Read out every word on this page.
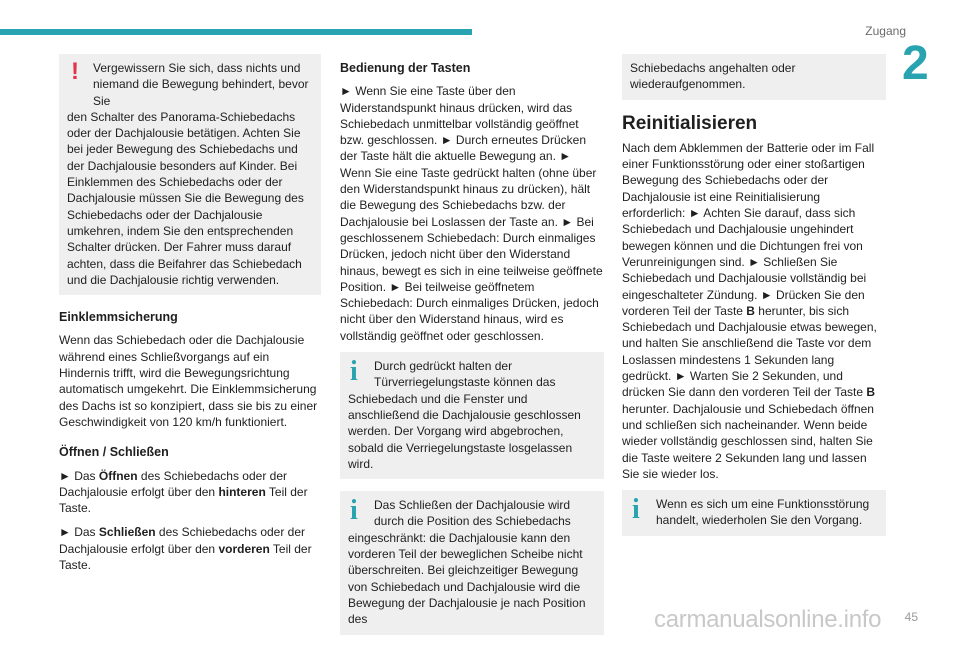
Zugang
2
!	Vergewissern Sie sich, dass nichts und niemand die Bewegung behindert, bevor Sie

den Schalter des Panorama-Schiebedachs oder der Dachjalousie betätigen. Achten Sie bei jeder Bewegung des Schiebedachs und der Dachjalousie besonders auf Kinder. Bei Einklemmen des Schiebedachs oder der Dachjalousie müssen Sie die Bewegung des Schiebedachs oder der Dachjalousie umkehren, indem Sie den entsprechenden Schalter drücken. Der Fahrer muss darauf achten, dass die Beifahrer das Schiebedach und die Dachjalousie richtig verwenden.

Einklemmsicherung

Wenn das Schiebedach oder die Dachjalousie während eines Schließvorgangs auf ein Hindernis trifft, wird die Bewegungsrichtung automatisch umgekehrt. Die Einklemmsicherung des Dachs ist so konzipiert, dass sie bis zu einer Geschwindigkeit von 120 km/h funktioniert.

Öffnen / Schließen

► Das Öffnen des Schiebedachs oder der Dachjalousie erfolgt über den hinteren Teil der Taste.

► Das Schließen des Schiebedachs oder der Dachjalousie erfolgt über den vorderen Teil der Taste.

Bedienung der Tasten

► Wenn Sie eine Taste über den Widerstandspunkt hinaus drücken, wird das Schiebedach unmittelbar vollständig geöffnet bzw. geschlossen. ► Durch erneutes Drücken der Taste hält die aktuelle Bewegung an. ► Wenn Sie eine Taste gedrückt halten (ohne über den Widerstandspunkt hinaus zu drücken), hält die Bewegung des Schiebedachs bzw. der Dachjalousie bei Loslassen der Taste an. ► Bei geschlossenem Schiebedach: Durch einmaliges Drücken, jedoch nicht über den Widerstand hinaus, bewegt es sich in eine teilweise geöffnete Position. ► Bei teilweise geöffnetem Schiebedach: Durch einmaliges Drücken, jedoch nicht über den Widerstand hinaus, wird es vollständig geöffnet oder geschlossen.

i	Durch gedrückt halten der Türverriegelungstaste können das

Schiebedach und die Fenster und anschließend die Dachjalousie geschlossen werden. Der Vorgang wird abgebrochen, sobald die Verriegelungstaste losgelassen wird.

i	Das Schließen der Dachjalousie wird durch die Position des Schiebedachs

eingeschränkt: die Dachjalousie kann den vorderen Teil der beweglichen Scheibe nicht überschreiten. Bei gleichzeitiger Bewegung von Schiebedach und Dachjalousie wird die Bewegung der Dachjalousie je nach Position des

Schiebedachs angehalten oder wiederaufgenommen.

Reinitialisieren

Nach dem Abklemmen der Batterie oder im Fall einer Funktionsstörung oder einer stoßartigen Bewegung des Schiebedachs oder der Dachjalousie ist eine Reinitialisierung erforderlich: ► Achten Sie darauf, dass sich Schiebedach und Dachjalousie ungehindert bewegen können und die Dichtungen frei von Verunreinigungen sind. ► Schließen Sie Schiebedach und Dachjalousie vollständig bei eingeschalteter Zündung. ► Drücken Sie den vorderen Teil der Taste B herunter, bis sich Schiebedach und Dachjalousie etwas bewegen, und halten Sie anschließend die Taste vor dem Loslassen mindestens 1 Sekunden lang gedrückt. ► Warten Sie 2 Sekunden, und drücken Sie dann den vorderen Teil der Taste B herunter. Dachjalousie und Schiebedach öffnen und schließen sich nacheinander. Wenn beide wieder vollständig geschlossen sind, halten Sie die Taste weitere 2 Sekunden lang und lassen Sie sie wieder los.

i	Wenn es sich um eine Funktionsstörung handelt, wiederholen Sie den Vorgang.

carmanualsonline.info 45
